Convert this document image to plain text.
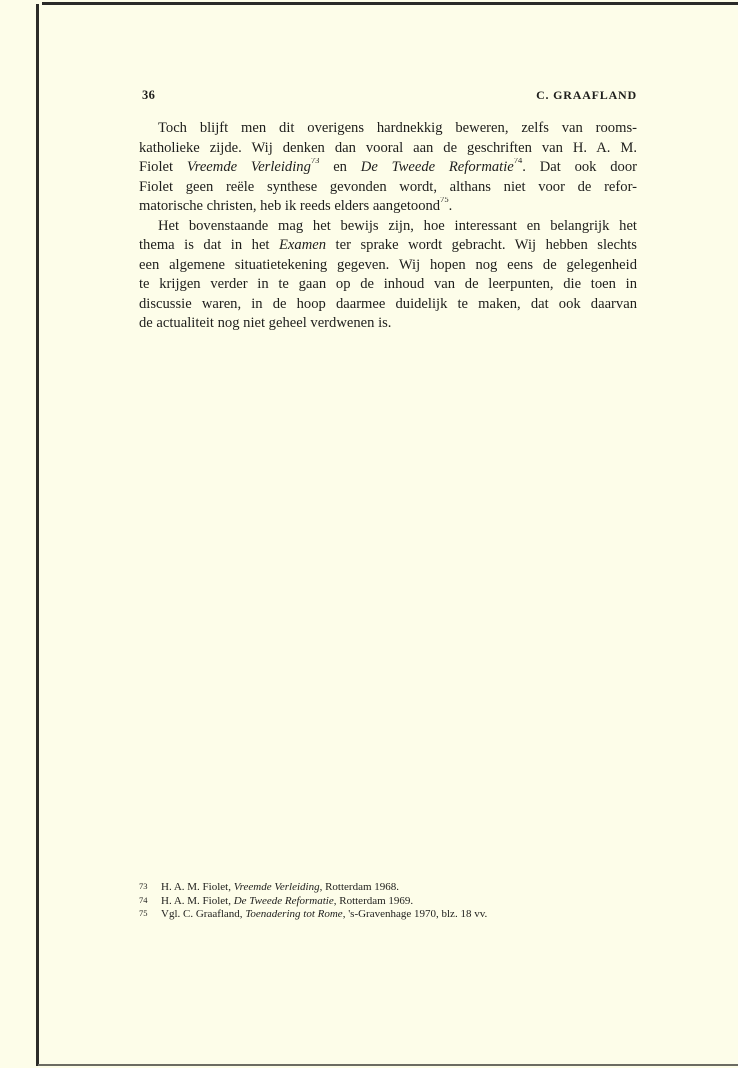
36	C. GRAAFLAND
Toch blijft men dit overigens hardnekkig beweren, zelfs van rooms-
katholieke zijde. Wij denken dan vooral aan de geschriften van H. A. M.
Fiolet Vreemde Verleiding$^{73}$ en De Tweede Reformatie$^{74}$. Dat ook door
Fiolet geen reële synthese gevonden wordt, althans niet voor de refor-
matorische christen, heb ik reeds elders aangetoond$^{75}$.
Het bovenstaande mag het bewijs zijn, hoe interessant en belangrijk het
thema is dat in het Examen ter sprake wordt gebracht. Wij hebben slechts
een algemene situatietekening gegeven. Wij hopen nog eens de gelegenheid
te krijgen verder in te gaan op de inhoud van de leerpunten, die toen in
discussie waren, in de hoop daarmee duidelijk te maken, dat ook daarvan
de actualiteit nog niet geheel verdwenen is.
73 H. A. M. Fiolet, Vreemde Verleiding, Rotterdam 1968.
74 H. A. M. Fiolet, De Tweede Reformatie, Rotterdam 1969.
75 Vgl. C. Graafland, Toenadering tot Rome, 's-Gravenhage 1970, blz. 18 vv.
